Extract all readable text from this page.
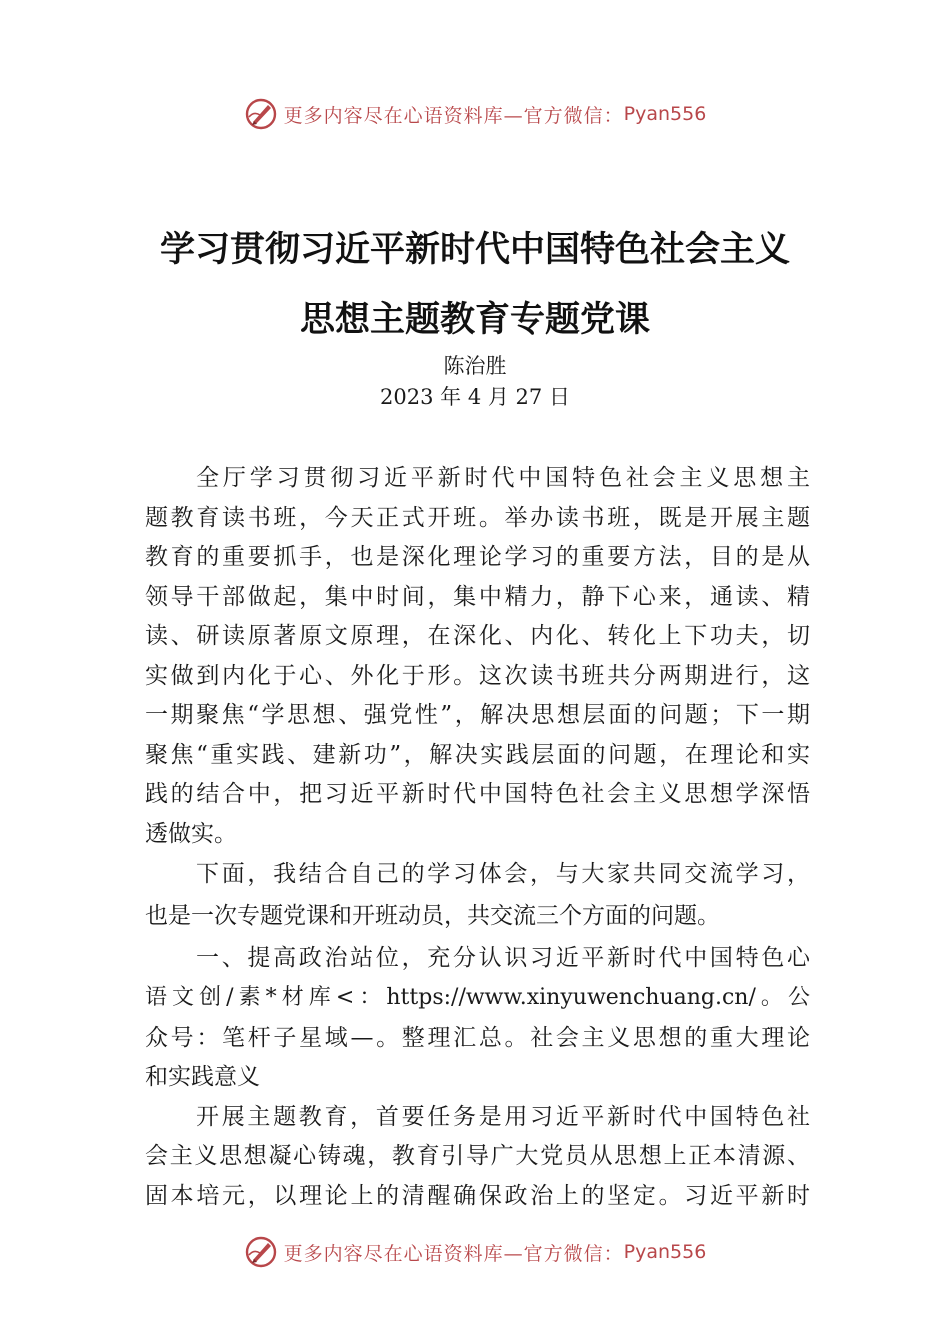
更多内容尽在心语资料库—官方微信： Pyan556
学习贯彻习近平新时代中国特色社会主义
思想主题教育专题党课
陈治胜
2023 年 4 月 27 日
全厅学习贯彻习近平新时代中国特色社会主义思想主
题教育读书班，今天正式开班。举办读书班，既是开展主题
教育的重要抓手，也是深化理论学习的重要方法，目的是从
领导干部做起，集中时间，集中精力，静下心来，通读、精
读、研读原著原文原理，在深化、内化、转化上下功夫，切
实做到内化于心、外化于形。这次读书班共分两期进行，这
一期聚焦“学思想、强党性”，解决思想层面的问题；下一期
聚焦“重实践、建新功”，解决实践层面的问题，在理论和实
践的结合中，把习近平新时代中国特色社会主义思想学深悟
透做实。
下面，我结合自己的学习体会，与大家共同交流学习，
也是一次专题党课和开班动员，共交流三个方面的问题。
一、提高政治站位，充分认识习近平新时代中国特色心
语文创/素*材库<：https://www.xinyuwenchuang.cn/。公
众号：笔杆子星域—。整理汇总。社会主义思想的重大理论
和实践意义
开展主题教育，首要任务是用习近平新时代中国特色社
会主义思想凝心铸魂，教育引导广大党员从思想上正本清源、
固本培元，以理论上的清醒确保政治上的坚定。习近平新时
更多内容尽在心语资料库—官方微信： Pyan556
